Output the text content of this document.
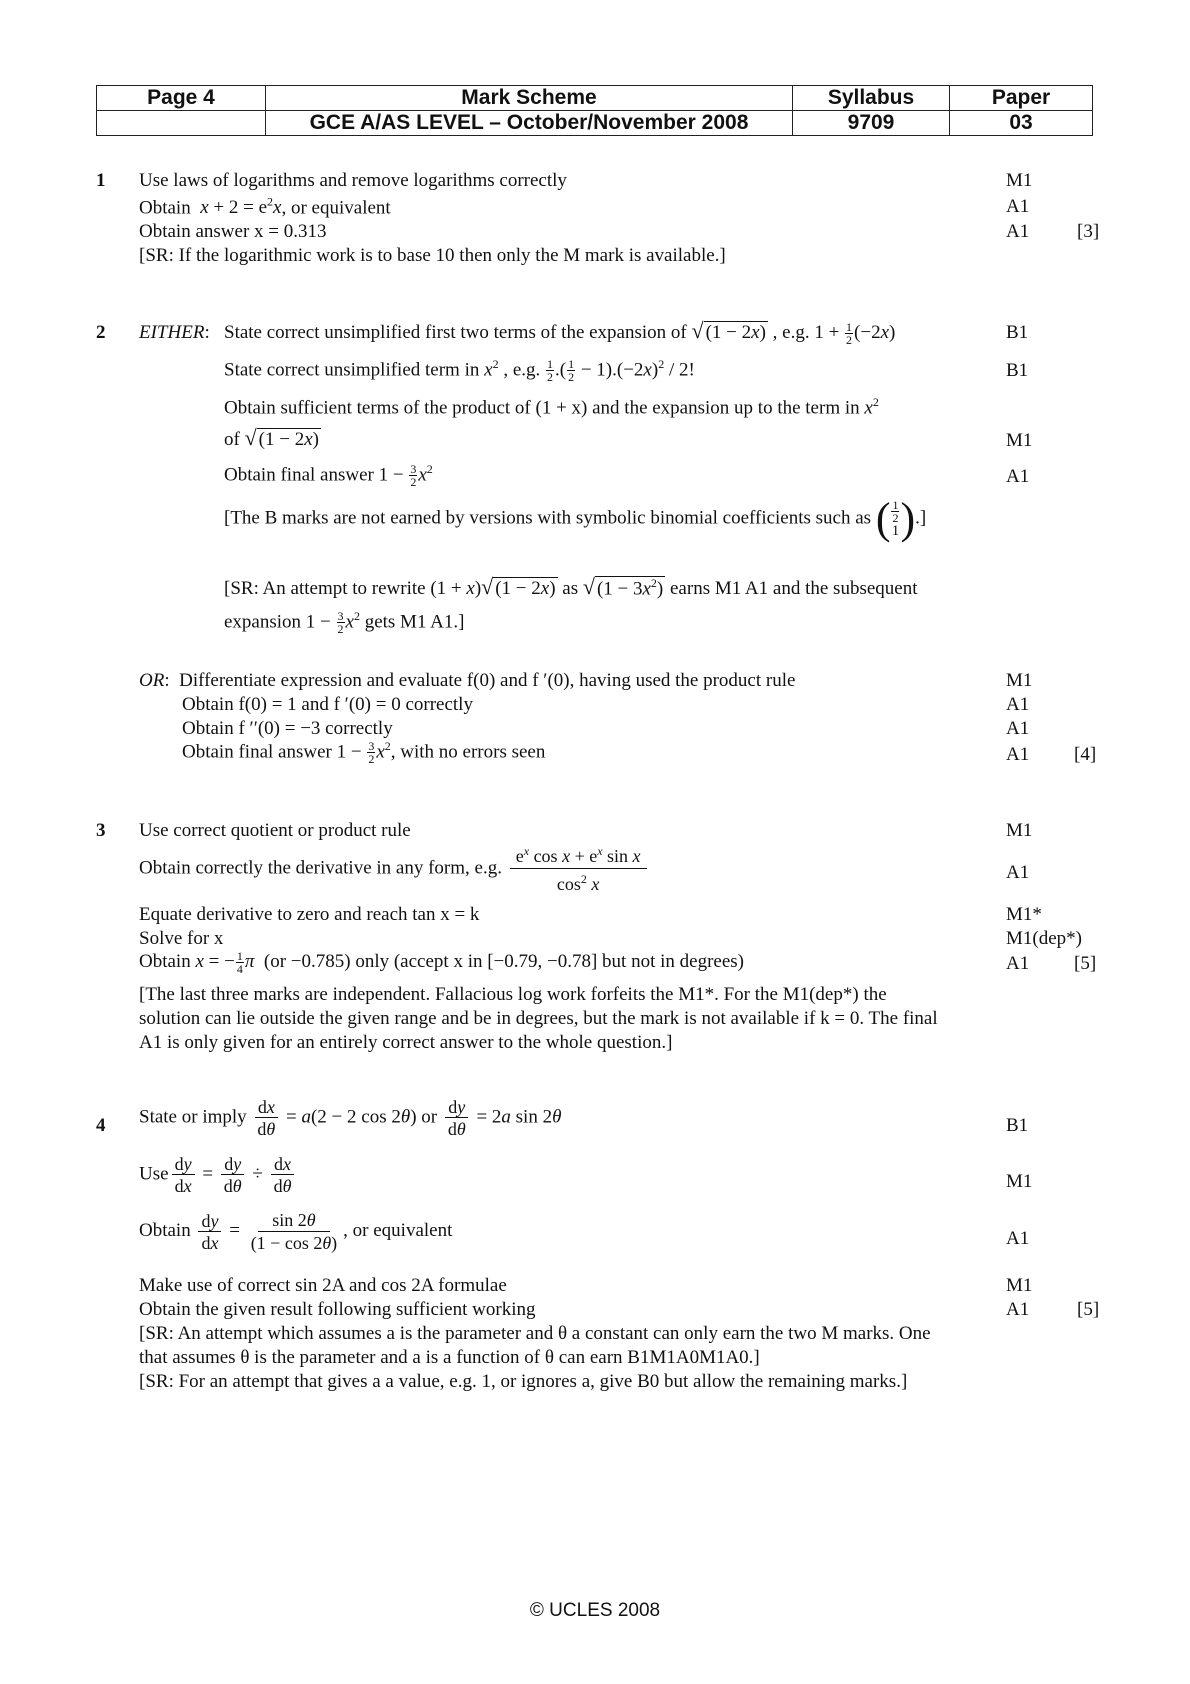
Page 4	Mark Scheme	Syllabus	Paper
	GCE A/AS LEVEL – October/November 2008	9709	03
1 Use laws of logarithms and remove logarithms correctly	M1
Obtain $x + 2 = e^2x$, or equivalent	A1
Obtain answer x = 0.313	A1	[3]
[SR: If the logarithmic work is to base 10 then only the M mark is available.]
2 EITHER: State correct unsimplified first two terms of the expansion of √ (1 − 2x) , e.g. $1 + \frac{1}{2} (-2x)$	B1
State correct unsimplified term in $x^2$ , e.g. $\frac{1}{2}$ .( $\frac{1}{2} - 1).(-2x)^2 / 2$!	B1
Obtain sufficient terms of the product of (1 + x) and the expansion up to the term in $x^2$
of √ (1 − 2x)	M1
Obtain final answer $1 - \frac{3}{2} x^2$	A1
[The B marks are not earned by versions with symbolic binomial coefficients such as ( 1
2
1 ) .]
[SR: An attempt to rewrite (1 + x)√ (1 − 2x) as √ $(1 - 3x^2)$ earns M1 A1 and the subsequent
expansion $1 - \frac{3}{2} x^2$ gets M1 A1.]
OR:  Differentiate expression and evaluate f(0) and f ′(0), having used the product rule	M1
Obtain f(0) = 1 and f ′(0) = 0 correctly	A1
Obtain f ′′(0) = −3 correctly	A1
Obtain final answer $1 - \frac{3}{2} x^2$, with no errors seen	A1 [4]
3 Use correct quotient or product rule	M1
Obtain correctly the derivative in any form, e.g. $\frac{e^x \cos x + e^x \sin x}{\cos^2 x}$	A1
Equate derivative to zero and reach tan x = k	M1*
Solve for x	M1(dep*)
Obtain x = − $\frac{1}{4}$ π (or −0.785) only (accept x in [−0.79, −0.78] but not in degrees)	A1 [5]
[The last three marks are independent. Fallacious log work forfeits the M1*. For the M1(dep*) the
solution can lie outside the given range and be in degrees, but the mark is not available if k = 0. The final
A1 is only given for an entirely correct answer to the whole question.]
4 State or imply $\frac{dx}{d\theta} = a(2 - 2$ cos 2θ) or $\frac{dy}{d\theta} = 2a$ sin 2θ	B1
Use $\frac{dy}{dx} = \frac{dy}{d\theta} \div \frac{dx}{d\theta}$	M1
Obtain $\frac{dy}{dx} = \frac{\sin 2\theta}{(1 - \cos 2\theta)}$ , or equivalent	A1
Make use of correct sin 2A and cos 2A formulae	M1
Obtain the given result following sufficient working	A1	[5]
[SR: An attempt which assumes a is the parameter and θ a constant can only earn the two M marks. One
that assumes θ is the parameter and a is a function of θ can earn B1M1A0M1A0.]
[SR: For an attempt that gives a a value, e.g. 1, or ignores a, give B0 but allow the remaining marks.]
© UCLES 2008
